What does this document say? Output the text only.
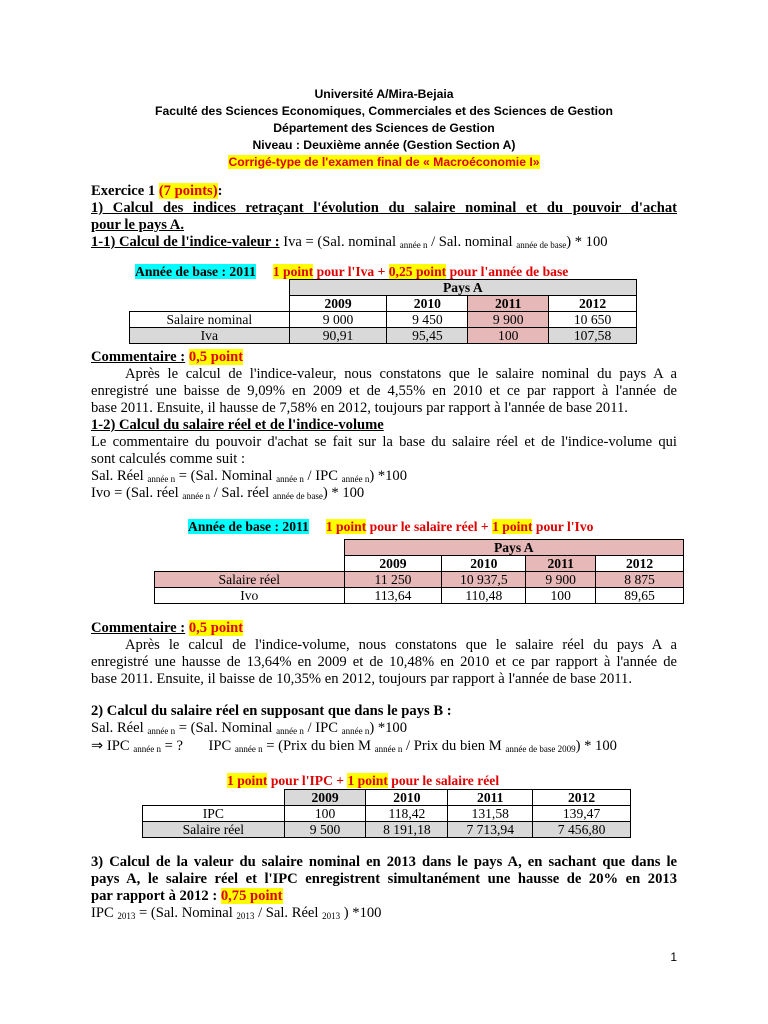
Université A/Mira-Bejaia
Faculté des Sciences Economiques, Commerciales et des Sciences de Gestion
Département des Sciences de Gestion
Niveau : Deuxième année (Gestion Section A)
Corrigé-type de l'examen final de « Macroéconomie I»
Exercice 1 (7 points):
1) Calcul des indices retraçant l'évolution du salaire nominal et du pouvoir d'achat
pour le pays A.
1-1) Calcul de l'indice-valeur : Iva = (Sal. nominal $_{année n}$ / Sal. nominal $_{année de base}$) * 100
Année de base : 2011 1 point pour l'Iva + 0,25 point pour l'année de base
	Pays A			
	2009	2010	2011	2012
Salaire nominal	9 000	9 450	9 900	10 650
Iva	90,91	95,45	100	107,58
Commentaire : 0,5 point
Après le calcul de l'indice-valeur, nous constatons que le salaire nominal du pays A a
enregistré une baisse de 9,09% en 2009 et de 4,55% en 2010 et ce par rapport à l'année de
base 2011. Ensuite, il hausse de 7,58% en 2012, toujours par rapport à l'année de base 2011.
1-2) Calcul du salaire réel et de l'indice-volume
Le commentaire du pouvoir d'achat se fait sur la base du salaire réel et de l'indice-volume qui
sont calculés comme suit :
Sal. Réel $_{année n}$ = (Sal. Nominal $_{année n}$ / IPC $_{année n}$) *100
Ivo = (Sal. réel $_{année n}$ / Sal. réel $_{année de base}$) * 100
Année de base : 2011 1 point pour le salaire réel + 1 point pour l'Ivo
	Pays A			
	2009	2010	2011	2012
Salaire réel	11 250	10 937,5	9 900	8 875
Ivo	113,64	110,48	100	89,65
Commentaire : 0,5 point
Après le calcul de l'indice-volume, nous constatons que le salaire réel du pays A a
enregistré une hausse de 13,64% en 2009 et de 10,48% en 2010 et ce par rapport à l'année de
base 2011. Ensuite, il baisse de 10,35% en 2012, toujours par rapport à l'année de base 2011.
2) Calcul du salaire réel en supposant que dans le pays B :
Sal. Réel $_{année n}$ = (Sal. Nominal $_{année n}$ / IPC $_{année n}$) *100
⇒ IPC $_{année n}$ = ? IPC $_{année n}$ = (Prix du bien M $_{année n}$ / Prix du bien M $_{année de base 2009}$) * 100
1 point pour l'IPC + 1 point pour le salaire réel
	2009	2010	2011	2012
IPC	100	118,42	131,58	139,47
Salaire réel	9 500	8 191,18	7 713,94	7 456,80
3) Calcul de la valeur du salaire nominal en 2013 dans le pays A, en sachant que dans le
pays A, le salaire réel et l'IPC enregistrent simultanément une hausse de 20% en 2013
par rapport à 2012 : 0,75 point
IPC $_{2013}$ = (Sal. Nominal $_{2013}$ / Sal. Réel $_{2013}$ ) *100
1
